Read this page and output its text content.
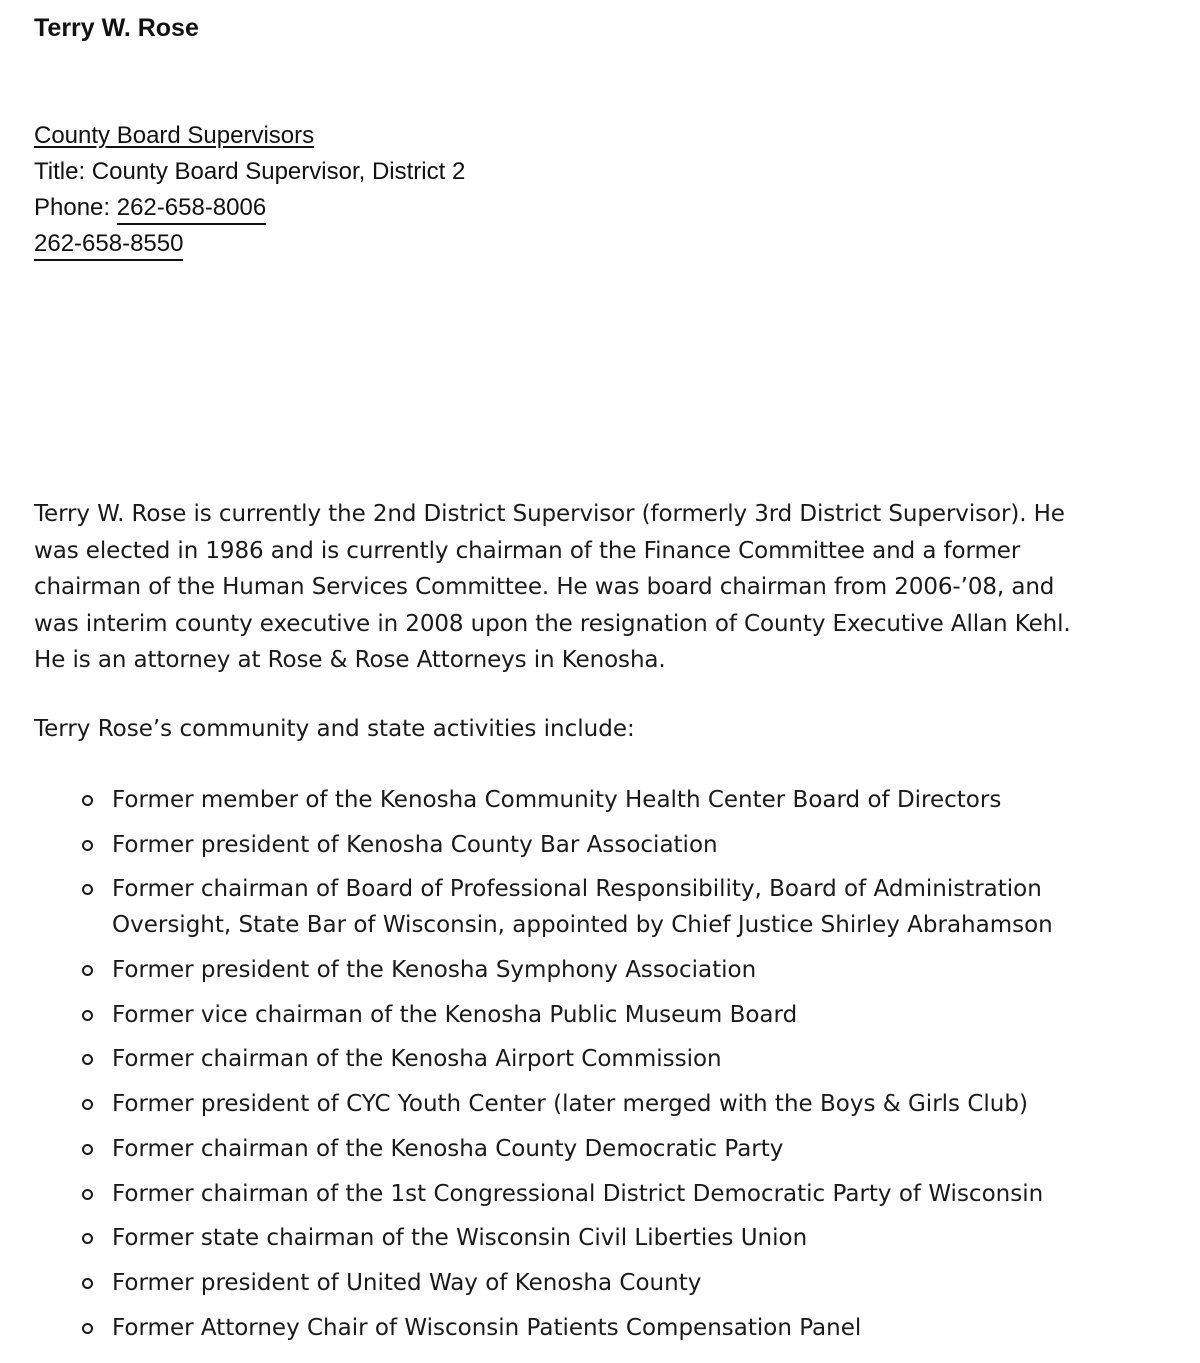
Terry W. Rose
County Board Supervisors
Title: County Board Supervisor, District 2
Phone: 262-658-8006
262-658-8550

Terry W. Rose is currently the 2nd District Supervisor (formerly 3rd District Supervisor). He

was elected in 1986 and is currently chairman of the Finance Committee and a former

chairman of the Human Services Committee. He was board chairman from 2006-’08, and

was interim county executive in 2008 upon the resignation of County Executive Allan Kehl.

He is an attorney at Rose & Rose Attorneys in Kenosha.

Terry Rose’s community and state activities include:
Former member of the Kenosha Community Health Center Board of Directors
Former president of Kenosha County Bar Association
Former chairman of Board of Professional Responsibility, Board of Administration
Oversight, State Bar of Wisconsin, appointed by Chief Justice Shirley Abrahamson
Former president of the Kenosha Symphony Association
Former vice chairman of the Kenosha Public Museum Board
Former chairman of the Kenosha Airport Commission
Former president of CYC Youth Center (later merged with the Boys & Girls Club)
Former chairman of the Kenosha County Democratic Party
Former chairman of the 1st Congressional District Democratic Party of Wisconsin
Former state chairman of the Wisconsin Civil Liberties Union
Former president of United Way of Kenosha County
Former Attorney Chair of Wisconsin Patients Compensation Panel
